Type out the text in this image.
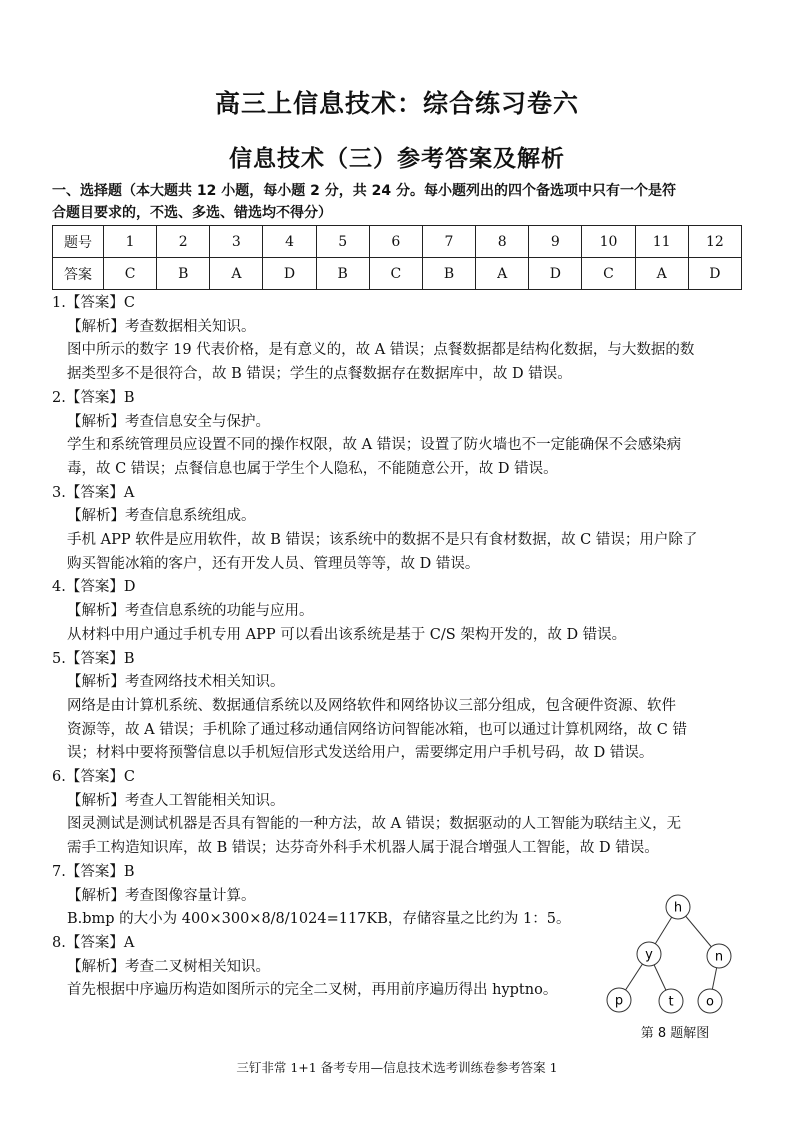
高三上信息技术：综合练习卷六
信息技术（三）参考答案及解析
一、选择题（本大题共 12 小题，每小题 2 分，共 24 分。每小题列出的四个备选项中只有一个是符
合题目要求的，不选、多选、错选均不得分）
题号	1	2	3	4	5	6	7	8	9	10	11	12
答案	C	B	A	D	B	C	B	A	D	C	A	D
1.【答案】C
【解析】考查数据相关知识。
图中所示的数字 19 代表价格，是有意义的，故 A 错误；点餐数据都是结构化数据，与大数据的数
据类型多不是很符合，故 B 错误；学生的点餐数据存在数据库中，故 D 错误。
2.【答案】B
【解析】考查信息安全与保护。
学生和系统管理员应设置不同的操作权限，故 A 错误；设置了防火墙也不一定能确保不会感染病
毒，故 C 错误；点餐信息也属于学生个人隐私，不能随意公开，故 D 错误。
3.【答案】A
【解析】考查信息系统组成。
手机 APP 软件是应用软件，故 B 错误；该系统中的数据不是只有食材数据，故 C 错误；用户除了
购买智能冰箱的客户，还有开发人员、管理员等等，故 D 错误。
4.【答案】D
【解析】考查信息系统的功能与应用。
从材料中用户通过手机专用 APP 可以看出该系统是基于 C/S 架构开发的，故 D 错误。
5.【答案】B
【解析】考查网络技术相关知识。
网络是由计算机系统、数据通信系统以及网络软件和网络协议三部分组成，包含硬件资源、软件
资源等，故 A 错误；手机除了通过移动通信网络访问智能冰箱，也可以通过计算机网络，故 C 错
误；材料中要将预警信息以手机短信形式发送给用户，需要绑定用户手机号码，故 D 错误。
6.【答案】C
【解析】考查人工智能相关知识。
图灵测试是测试机器是否具有智能的一种方法，故 A 错误；数据驱动的人工智能为联结主义，无
需手工构造知识库，故 B 错误；达芬奇外科手术机器人属于混合增强人工智能，故 D 错误。
7.【答案】B
【解析】考查图像容量计算。
B.bmp 的大小为 400×300×8/8/1024=117KB，存储容量之比约为 1：5。
8.【答案】A
【解析】考查二叉树相关知识。
首先根据中序遍历构造如图所示的完全二叉树，再用前序遍历得出 hyptno。
h
y	n
p	t o
第 8 题解图
三钉非常 1+1 备考专用—信息技术选考训练卷参考答案 1
